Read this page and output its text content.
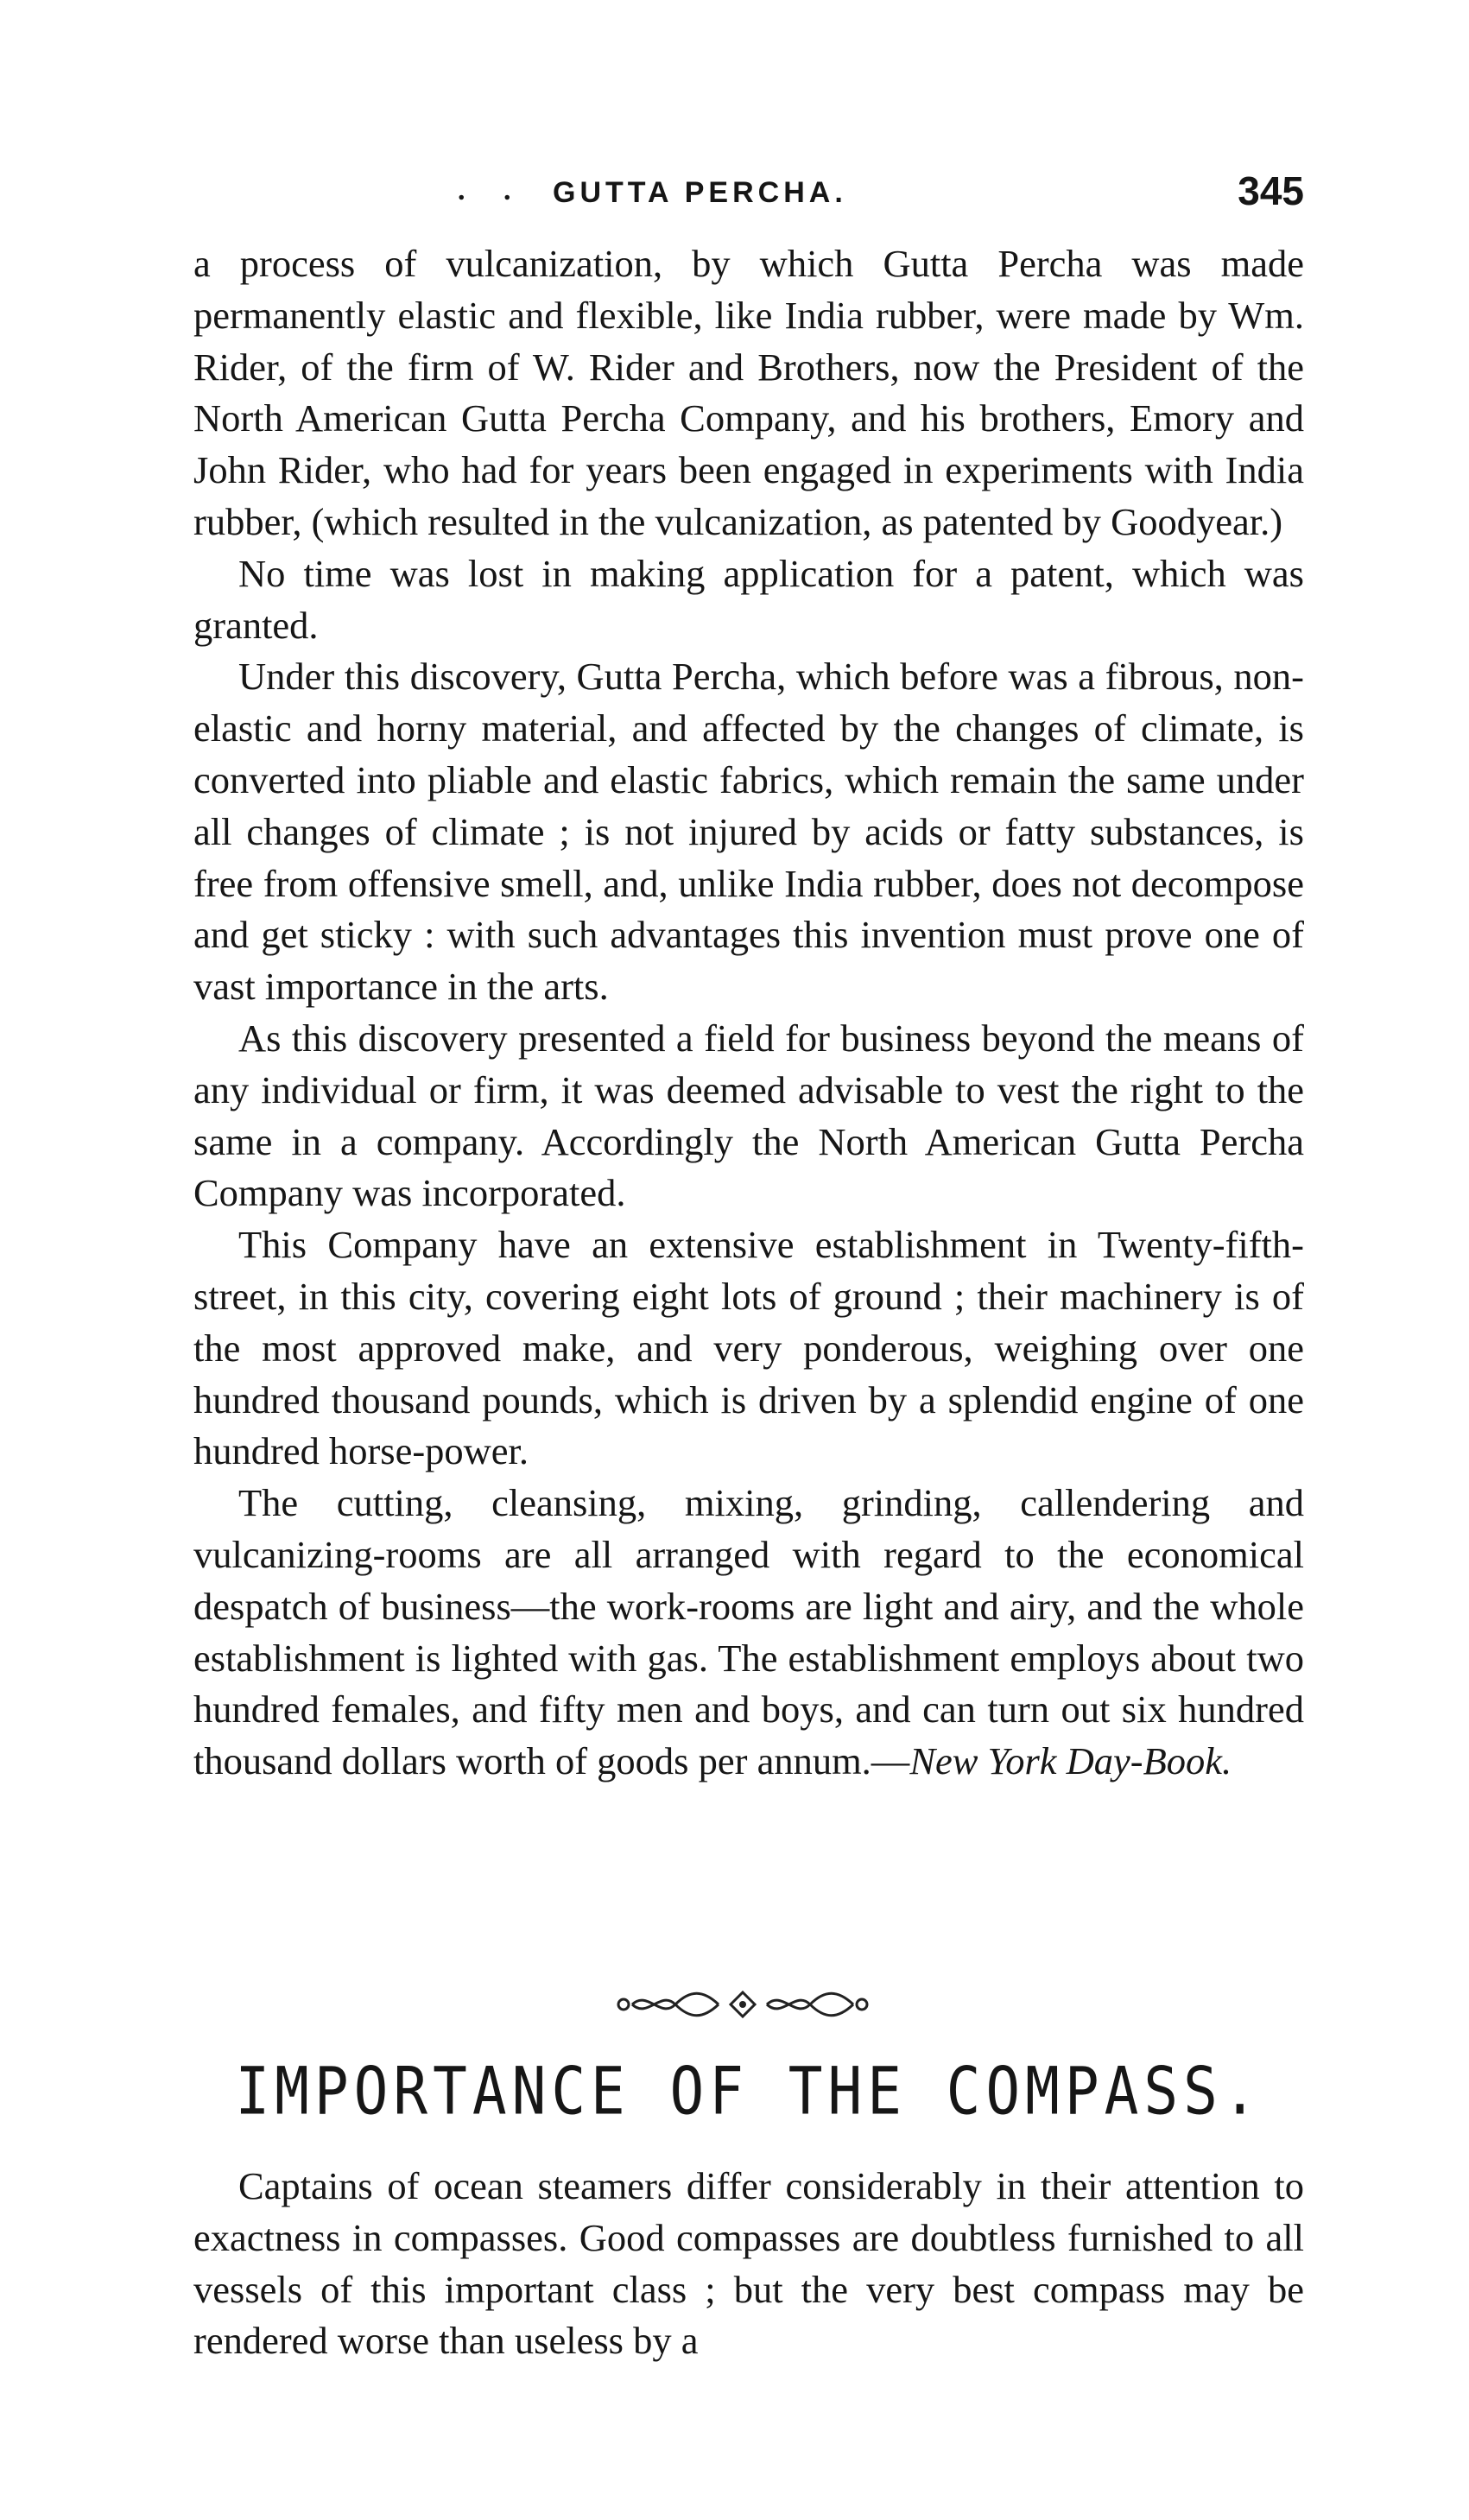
. . GUTTA PERCHA.	345

a process of vulcanization, by which Gutta Percha was made permanently elastic and flexible, like India rubber, were made by Wm. Rider, of the firm of W. Rider and Brothers, now the President of the North American Gutta Percha Company, and his brothers, Emory and John Rider, who had for years been engaged in experiments with India rubber, (which resulted in the vulcanization, as patented by Goodyear.)

No time was lost in making application for a patent, which was granted.

Under this discovery, Gutta Percha, which before was a fibrous, non-elastic and horny material, and affected by the changes of climate, is converted into pliable and elastic fabrics, which remain the same under all changes of climate ; is not injured by acids or fatty substances, is free from offensive smell, and, unlike India rubber, does not decompose and get sticky : with such advantages this invention must prove one of vast importance in the arts.

As this discovery presented a field for business beyond the means of any individual or firm, it was deemed advisable to vest the right to the same in a company. Accordingly the North American Gutta Percha Company was incorporated.

This Company have an extensive establishment in Twenty-fifth-street, in this city, covering eight lots of ground ; their machinery is of the most approved make, and very ponderous, weighing over one hundred thousand pounds, which is driven by a splendid engine of one hundred horse-power.

The cutting, cleansing, mixing, grinding, callendering and vulcanizing-rooms are all arranged with regard to the economical despatch of business—the work-rooms are light and airy, and the whole establishment is lighted with gas. The establishment employs about two hundred females, and fifty men and boys, and can turn out six hundred thousand dollars worth of goods per annum.—New York Day-Book.

IMPORTANCE OF THE COMPASS.

Captains of ocean steamers differ considerably in their attention to exactness in compasses. Good compasses are doubtless furnished to all vessels of this important class ; but the very best compass may be rendered worse than useless by a
